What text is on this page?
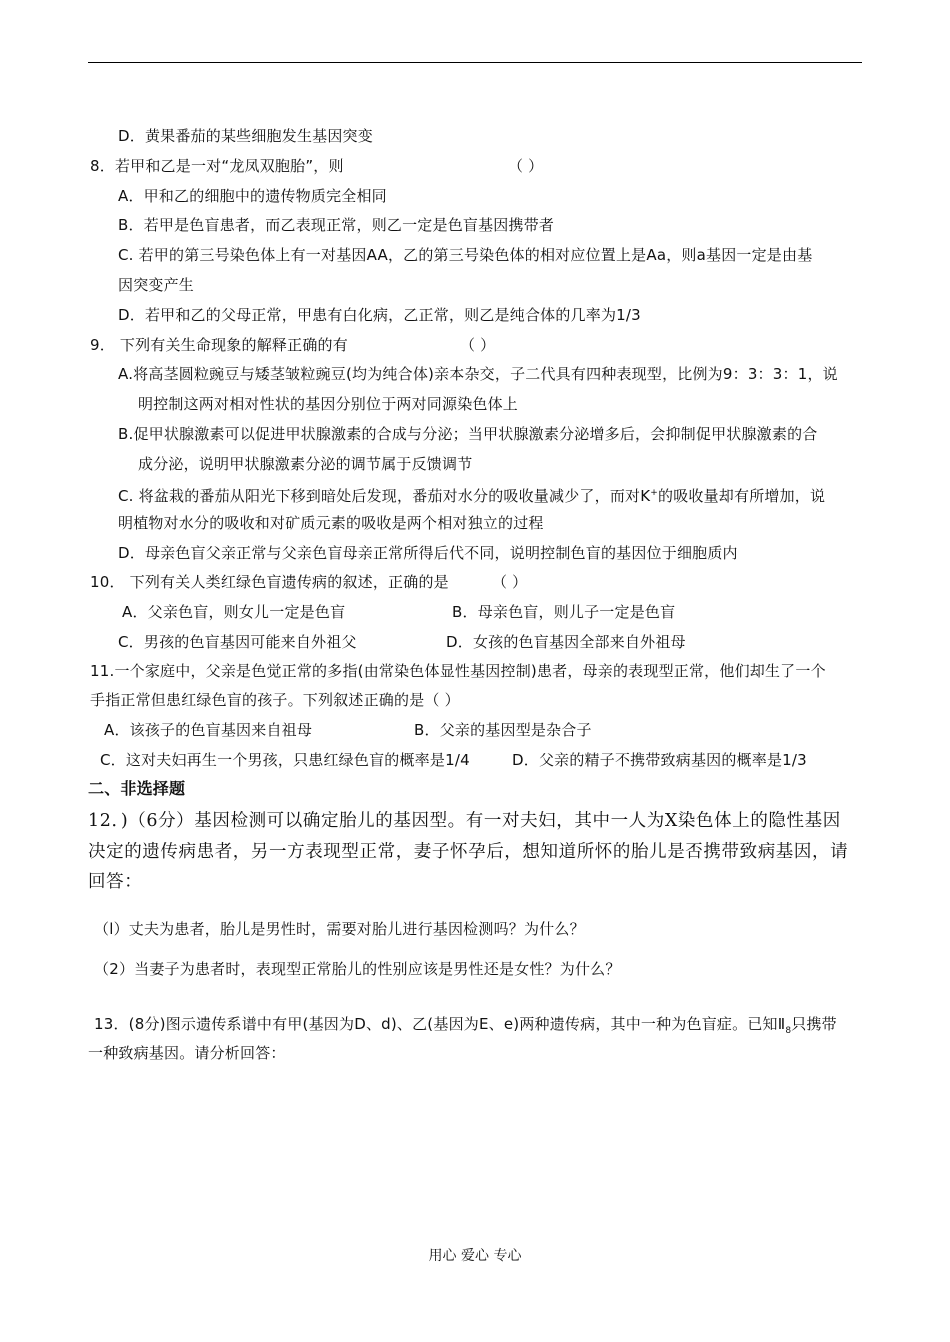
D．黄果番茄的某些细胞发生基因突变
8．若甲和乙是一对“龙凤双胞胎”，则	（ ）
A．甲和乙的细胞中的遗传物质完全相同
B．若甲是色盲患者，而乙表现正常，则乙一定是色盲基因携带者
C. 若甲的第三号染色体上有一对基因AA，乙的第三号染色体的相对应位置上是Aa，则a基因一定是由基
因突变产生
D．若甲和乙的父母正常，甲患有白化病，乙正常，则乙是纯合体的几率为1/3
9． 下列有关生命现象的解释正确的有	（ ）
A.将高茎圆粒豌豆与矮茎皱粒豌豆(均为纯合体)亲本杂交，子二代具有四种表现型，比例为9：3：3：1，说
明控制这两对相对性状的基因分别位于两对同源染色体上
B.促甲状腺激素可以促进甲状腺激素的合成与分泌；当甲状腺激素分泌增多后，会抑制促甲状腺激素的合
成分泌，说明甲状腺激素分泌的调节属于反馈调节
C. 将盆栽的番茄从阳光下移到暗处后发现，番茄对水分的吸收量减少了，而对K+的吸收量却有所增加，说
明植物对水分的吸收和对矿质元素的吸收是两个相对独立的过程
D．母亲色盲父亲正常与父亲色盲母亲正常所得后代不同，说明控制色盲的基因位于细胞质内
10． 下列有关人类红绿色盲遗传病的叙述，正确的是	（ ）
A．父亲色盲，则女儿一定是色盲	B．母亲色盲，则儿子一定是色盲
C．男孩的色盲基因可能来自外祖父	D．女孩的色盲基因全部来自外祖母
11.一个家庭中，父亲是色觉正常的多指(由常染色体显性基因控制)患者，母亲的表现型正常，他们却生了一个
手指正常但患红绿色盲的孩子。下列叙述正确的是（ ）
A．该孩子的色盲基因来自祖母	B．父亲的基因型是杂合子
C．这对夫妇再生一个男孩，只患红绿色盲的概率是1/4	D．父亲的精子不携带致病基因的概率是1/3
二、非选择题
12．)（6分）基因检测可以确定胎儿的基因型。有一对夫妇，其中一人为X染色体上的隐性基因
决定的遗传病患者，另一方表现型正常，妻子怀孕后，想知道所怀的胎儿是否携带致病基因，请
回答：
（l）丈夫为患者，胎儿是男性时，需要对胎儿进行基因检测吗？为什么？
（2）当妻子为患者时，表现型正常胎儿的性别应该是男性还是女性？为什么？
13．(8分)图示遗传系谱中有甲(基因为D、d)、乙(基因为E、e)两种遗传病，其中一种为色盲症。已知$Ⅱ_8$只携带
一种致病基因。请分析回答：
用心 爱心 专心
